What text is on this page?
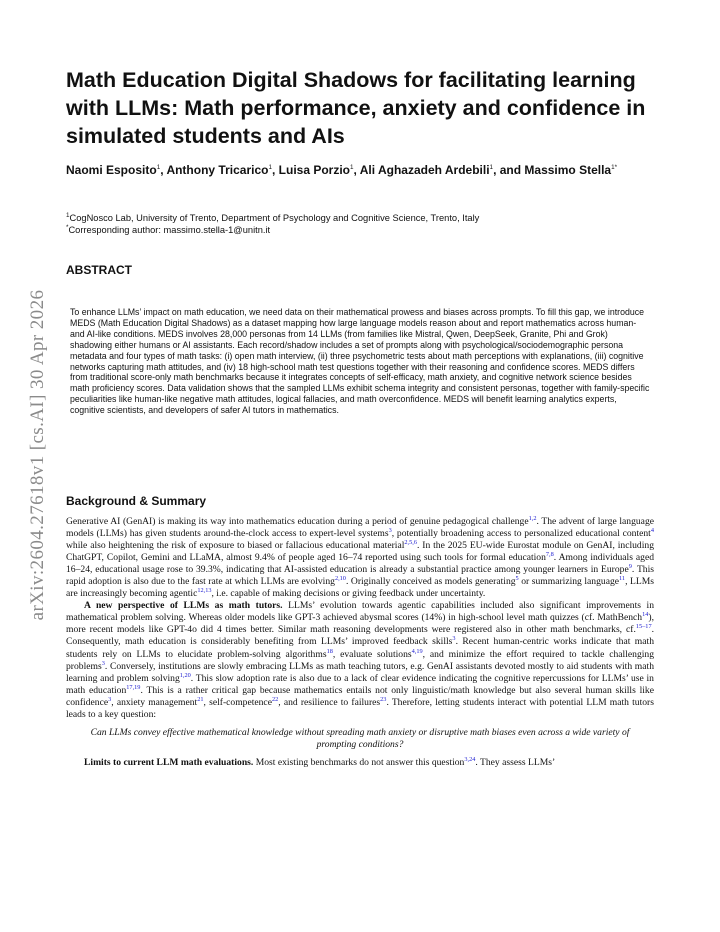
arXiv:2604.27618v1 [cs.AI] 30 Apr 2026
Math Education Digital Shadows for facilitating learning with LLMs: Math performance, anxiety and confidence in simulated students and AIs
Naomi Esposito$^1$, Anthony Tricarico$^1$, Luisa Porzio$^1$, Ali Aghazadeh Ardebili$^1$, and Massimo Stella$^{1*}$
$^1$CogNosco Lab, University of Trento, Department of Psychology and Cognitive Science, Trento, Italy
*Corresponding author: massimo.stella-1@unitn.it
ABSTRACT

To enhance LLMs’ impact on math education, we need data on their mathematical prowess and biases across prompts. To fill this gap, we introduce MEDS (Math Education Digital Shadows) as a dataset mapping how large language models reason about and report mathematics across human- and AI-like conditions. MEDS involves 28,000 personas from 14 LLMs (from families like Mistral, Qwen, DeepSeek, Granite, Phi and Grok) shadowing either humans or AI assistants. Each record/shadow includes a set of prompts along with psychological/sociodemographic persona metadata and four types of math tasks: (i) open math interview, (ii) three psychometric tests about math perceptions with explanations, (iii) cognitive networks capturing math attitudes, and (iv) 18 high-school math test questions together with their reasoning and confidence scores. MEDS differs from traditional score-only math benchmarks because it integrates concepts of self-efficacy, math anxiety, and cognitive network science besides math proficiency scores. Data validation shows that the sampled LLMs exhibit schema integrity and consistent personas, together with family-specific peculiarities like human-like negative math attitudes, logical fallacies, and math overconfidence. MEDS will benefit learning analytics experts, cognitive scientists, and developers of safer AI tutors in mathematics.

Background & Summary

Generative AI (GenAI) is making its way into mathematics education during a period of genuine pedagogical challenge$^{1,2}$. The advent of large language models (LLMs) has given students around-the-clock access to expert-level systems$^3$, potentially broadening access to personalized educational content$^4$ while also heightening the risk of exposure to biased or fallacious educational material$^{2,5,6}$. In the 2025 EU-wide Eurostat module on GenAI, including ChatGPT, Copilot, Gemini and LLaMA, almost 9.4% of people aged 16–74 reported using such tools for formal education$^{7,8}$. Among individuals aged 16–24, educational usage rose to 39.3%, indicating that AI-assisted education is already a substantial practice among younger learners in Europe$^9$. This rapid adoption is also due to the fast rate at which LLMs are evolving$^{2,10}$. Originally conceived as models generating$^5$ or summarizing language$^{11}$, LLMs are increasingly becoming agentic$^{12,13}$, i.e. capable of making decisions or giving feedback under uncertainty.

A new perspective of LLMs as math tutors. LLMs’ evolution towards agentic capabilities included also significant improvements in mathematical problem solving. Whereas older models like GPT-3 achieved abysmal scores (14%) in high-school level math quizzes (cf. MathBench$^{14}$), more recent models like GPT-4o did 4 times better. Similar math reasoning developments were registered also in other math benchmarks, cf.$^{15-17}$. Consequently, math education is considerably benefiting from LLMs’ improved feedback skills$^3$. Recent human-centric works indicate that math students rely on LLMs to elucidate problem-solving algorithms$^{18}$, evaluate solutions$^{4,19}$, and minimize the effort required to tackle challenging problems$^3$. Conversely, institutions are slowly embracing LLMs as math teaching tutors, e.g. GenAI assistants devoted mostly to aid students with math learning and problem solving$^{1,20}$. This slow adoption rate is also due to a lack of clear evidence indicating the cognitive repercussions for LLMs’ use in math education$^{17,19}$. This is a rather critical gap because mathematics entails not only linguistic/math knowledge but also several human skills like confidence$^3$, anxiety management$^{21}$, self-competence$^{22}$, and resilience to failures$^{23}$. Therefore, letting students interact with potential LLM math tutors leads to a key question:

Can LLMs convey effective mathematical knowledge without spreading math anxiety or disruptive math biases even across a wide variety of prompting conditions?

Limits to current LLM math evaluations. Most existing benchmarks do not answer this question$^{3,24}$. They assess LLMs’
